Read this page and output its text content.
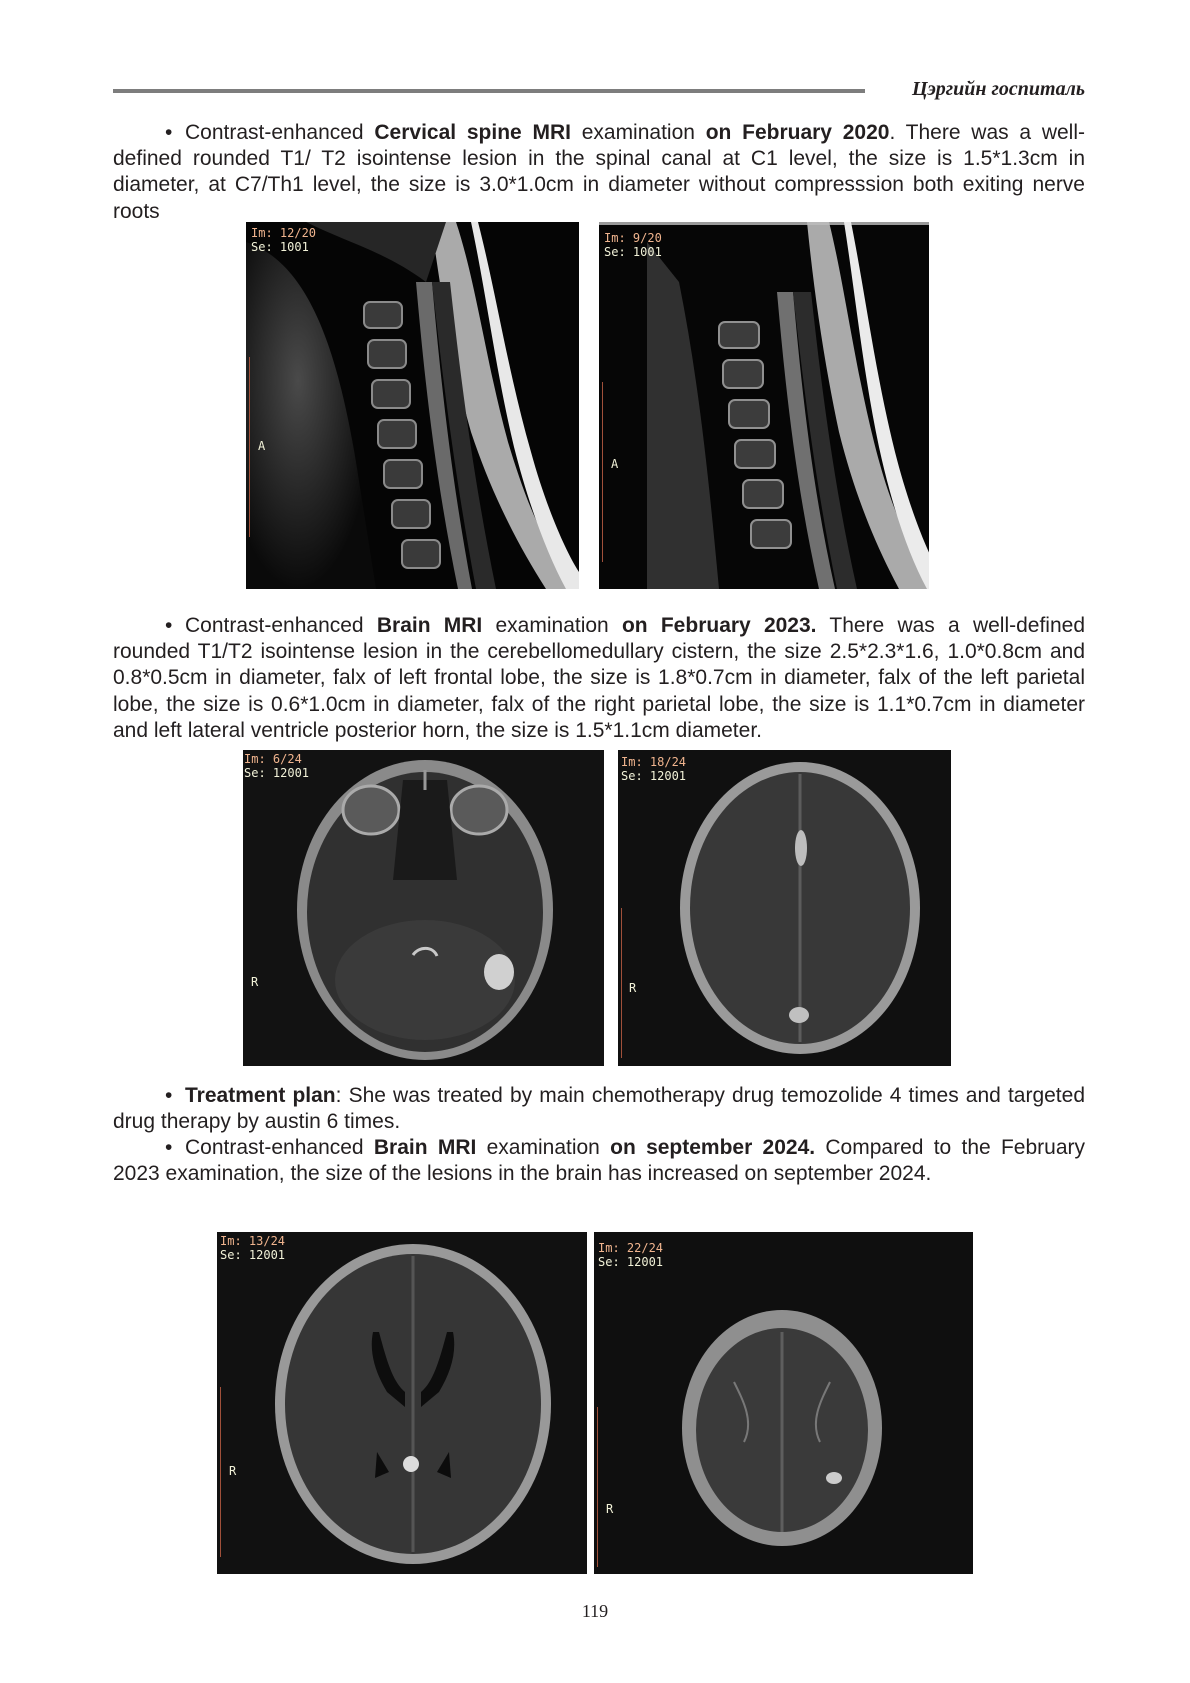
Цэргийн госпиталь

• Contrast-enhanced Cervical spine MRI examination on February 2020. There was a well-defined rounded T1/ T2 isointense lesion in the spinal canal at C1 level, the size is 1.5*1.3cm in diameter, at C7/Th1 level, the size is 3.0*1.0cm in diameter without compresssion both exiting nerve roots

Im: 12/20
Se: 1001
A
Im: 9/20
Se: 1001
A

• Contrast-enhanced Brain MRI examination on February 2023. There was a well-defined rounded T1/T2 isointense lesion in the cerebellomedullary cistern, the size 2.5*2.3*1.6, 1.0*0.8cm and 0.8*0.5cm in diameter, falx of left frontal lobe, the size is 1.8*0.7cm in diameter, falx of the left parietal lobe, the size is 0.6*1.0cm in diameter, falx of the right parietal lobe, the size is 1.1*0.7cm in diameter and left lateral ventricle posterior horn, the size is 1.5*1.1cm diameter.

Im: 6/24
Se: 12001
R
Im: 18/24
Se: 12001
R

• Treatment plan: She was treated by main chemotherapy drug temozolide 4 times and targeted drug therapy by austin 6 times.

• Contrast-enhanced Brain MRI examination on september 2024. Compared to the February 2023 examination, the size of the lesions in the brain has increased on september 2024.

Im: 13/24
Se: 12001
R
Im: 22/24
Se: 12001
R
119
